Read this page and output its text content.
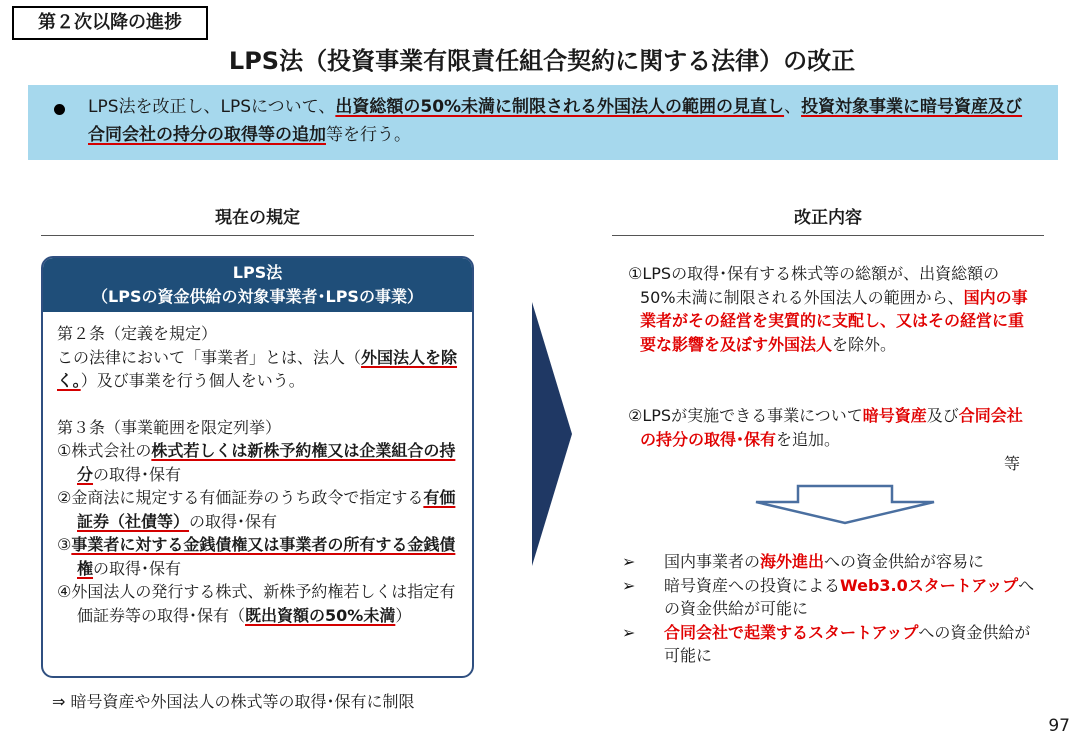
第２次以降の進捗
LPS法（投資事業有限責任組合契約に関する法律）の改正
LPS法を改正し、LPSについて、出資総額の50%未満に制限される外国法人の範囲の見直し、投資対象事業に暗号資産及び合同会社の持分の取得等の追加等を行う。
現在の規定
LPS法
（LPSの資金供給の対象事業者･LPSの事業）
第２条（定義を規定）
この法律において「事業者」とは、法人（外国法人を除く。）及び事業を行う個人をいう。
第３条（事業範囲を限定列挙）
①株式会社の株式若しくは新株予約権又は企業組合の持分の取得･保有
②金商法に規定する有価証券のうち政令で指定する有価証券（社債等）の取得･保有
③事業者に対する金銭債権又は事業者の所有する金銭債権の取得･保有
④外国法人の発行する株式、新株予約権若しくは指定有価証券等の取得･保有（既出資額の50%未満）
⇒ 暗号資産や外国法人の株式等の取得･保有に制限
改正内容
①LPSの取得･保有する株式等の総額が、出資総額の50%未満に制限される外国法人の範囲から、国内の事業者がその経営を実質的に支配し、又はその経営に重要な影響を及ぼす外国法人を除外。
②LPSが実施できる事業について暗号資産及び合同会社の持分の取得･保有を追加。
等
➢ 国内事業者の海外進出への資金供給が容易に
➢ 暗号資産への投資によるWeb3.0スタートアップへの資金供給が可能に
➢ 合同会社で起業するスタートアップへの資金供給が可能に
97
